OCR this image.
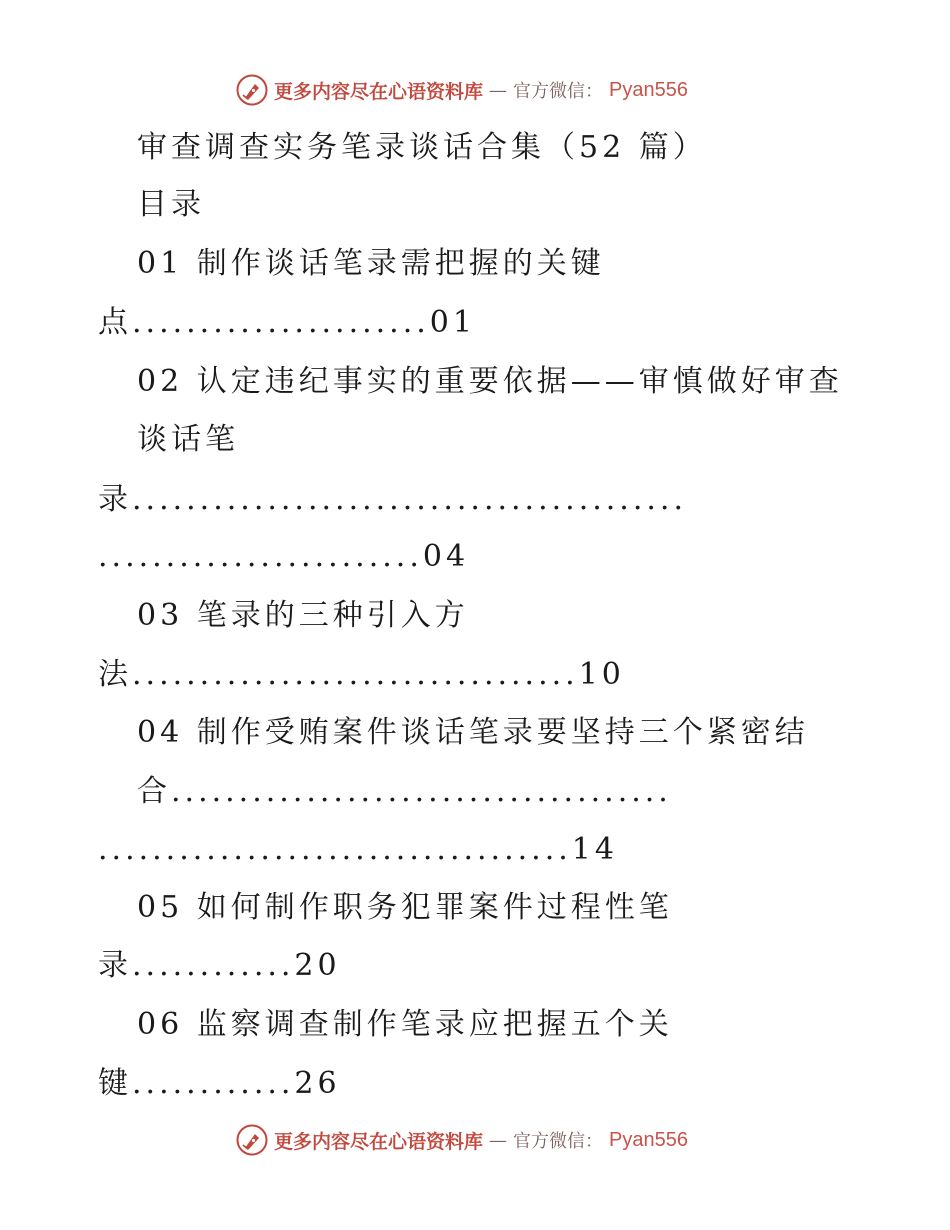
更多内容尽在心语资料库 — 官方微信： Pyan556
审查调查实务笔录谈话合集（52 篇）
目录
01 制作谈话笔录需把握的关键
点......................01
02 认定违纪事实的重要依据——审慎做好审查
谈话笔
录.........................................
........................04
03 笔录的三种引入方
法.................................10
04 制作受贿案件谈话笔录要坚持三个紧密结
合.....................................
...................................14
05 如何制作职务犯罪案件过程性笔
录............20
06 监察调查制作笔录应把握五个关
键............26
更多内容尽在心语资料库 — 官方微信： Pyan556
